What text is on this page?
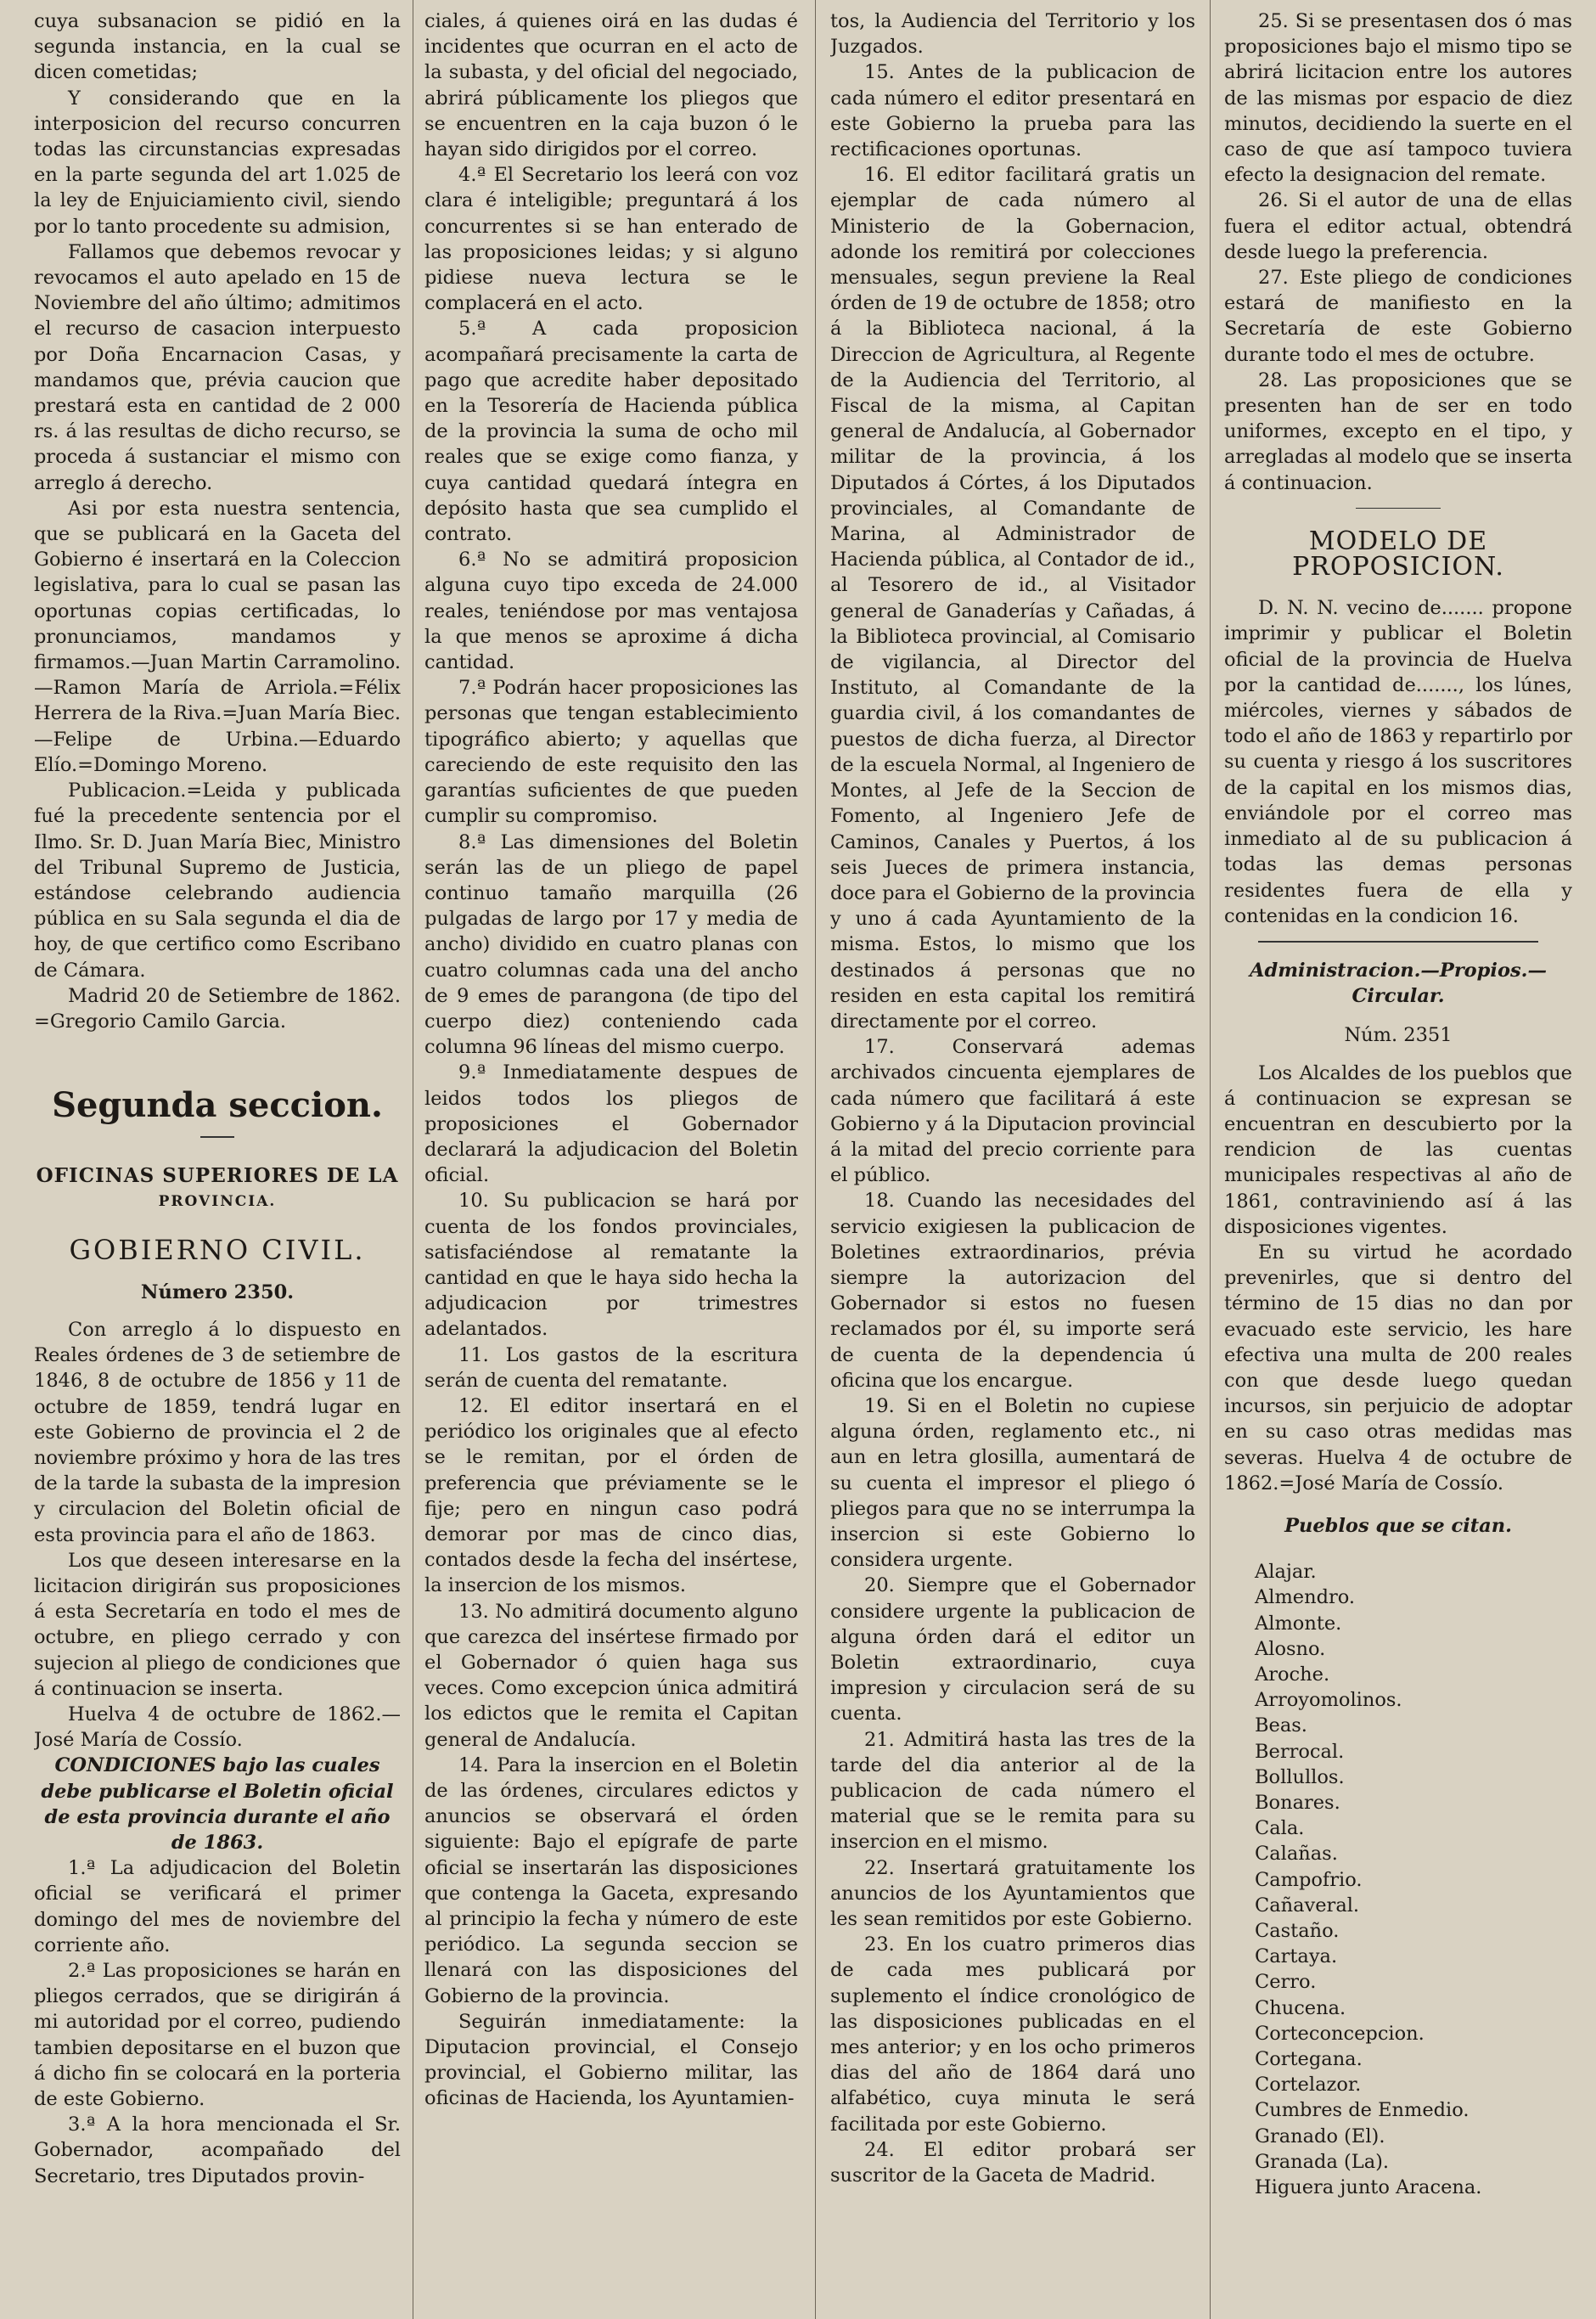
cuya subsanacion se pidió en la segunda instancia, en la cual se dicen cometidas;

Y considerando que en la interposicion del recurso concurren todas las circunstancias expresadas en la parte segunda del art 1.025 de la ley de Enjuiciamiento civil, siendo por lo tanto procedente su admision,

Fallamos que debemos revocar y revocamos el auto apelado en 15 de Noviembre del año último; admitimos el recurso de casacion interpuesto por Doña Encarnacion Casas, y mandamos que, prévia caucion que prestará esta en cantidad de 2 000 rs. á las resultas de dicho recurso, se proceda á sustanciar el mismo con arreglo á derecho.

Asi por esta nuestra sentencia, que se publicará en la Gaceta del Gobierno é insertará en la Coleccion legislativa, para lo cual se pasan las oportunas copias certificadas, lo pronunciamos, mandamos y firmamos.—Juan Martin Carramolino.—Ramon María de Arriola.=Félix Herrera de la Riva.=Juan María Biec.—Felipe de Urbina.—Eduardo Elío.=Domingo Moreno.

Publicacion.=Leida y publicada fué la precedente sentencia por el Ilmo. Sr. D. Juan María Biec, Ministro del Tribunal Supremo de Justicia, estándose celebrando audiencia pública en su Sala segunda el dia de hoy, de que certifico como Escribano de Cámara.

Madrid 20 de Setiembre de 1862. =Gregorio Camilo Garcia.

Segunda seccion.
OFICINAS SUPERIORES DE LA
PROVINCIA.
GOBIERNO CIVIL.
Número 2350.

Con arreglo á lo dispuesto en Reales órdenes de 3 de setiembre de 1846, 8 de octubre de 1856 y 11 de octubre de 1859, tendrá lugar en este Gobierno de provincia el 2 de noviembre próximo y hora de las tres de la tarde la subasta de la impresion y circulacion del Boletin oficial de esta provincia para el año de 1863.

Los que deseen interesarse en la licitacion dirigirán sus proposiciones á esta Secretaría en todo el mes de octubre, en pliego cerrado y con sujecion al pliego de condiciones que á continuacion se inserta.

Huelva 4 de octubre de 1862.— José María de Cossío.

CONDICIONES bajo las cuales debe publicarse el Boletin oficial de esta provincia durante el año de 1863.

1.ª La adjudicacion del Boletin oficial se verificará el primer domingo del mes de noviembre del corriente año.

2.ª Las proposiciones se harán en pliegos cerrados, que se dirigirán á mi autoridad por el correo, pudiendo tambien depositarse en el buzon que á dicho fin se colocará en la porteria de este Gobierno.

3.ª A la hora mencionada el Sr. Gobernador, acompañado del Secretario, tres Diputados provin-

ciales, á quienes oirá en las dudas é incidentes que ocurran en el acto de la subasta, y del oficial del negociado, abrirá públicamente los pliegos que se encuentren en la caja buzon ó le hayan sido dirigidos por el correo.

4.ª El Secretario los leerá con voz clara é inteligible; preguntará á los concurrentes si se han enterado de las proposiciones leidas; y si alguno pidiese nueva lectura se le complacerá en el acto.

5.ª A cada proposicion acompañará precisamente la carta de pago que acredite haber depositado en la Tesorería de Hacienda pública de la provincia la suma de ocho mil reales que se exige como fianza, y cuya cantidad quedará íntegra en depósito hasta que sea cumplido el contrato.

6.ª No se admitirá proposicion alguna cuyo tipo exceda de 24.000 reales, teniéndose por mas ventajosa la que menos se aproxime á dicha cantidad.

7.ª Podrán hacer proposiciones las personas que tengan establecimiento tipográfico abierto; y aquellas que careciendo de este requisito den las garantías suficientes de que pueden cumplir su compromiso.

8.ª Las dimensiones del Boletin serán las de un pliego de papel continuo tamaño marquilla (26 pulgadas de largo por 17 y media de ancho) dividido en cuatro planas con cuatro columnas cada una del ancho de 9 emes de parangona (de tipo del cuerpo diez) conteniendo cada columna 96 líneas del mismo cuerpo.

9.ª Inmediatamente despues de leidos todos los pliegos de proposiciones el Gobernador declarará la adjudicacion del Boletin oficial.

10. Su publicacion se hará por cuenta de los fondos provinciales, satisfaciéndose al rematante la cantidad en que le haya sido hecha la adjudicacion por trimestres adelantados.

11. Los gastos de la escritura serán de cuenta del rematante.

12. El editor insertará en el periódico los originales que al efecto se le remitan, por el órden de preferencia que préviamente se le fije; pero en ningun caso podrá demorar por mas de cinco dias, contados desde la fecha del insértese, la insercion de los mismos.

13. No admitirá documento alguno que carezca del insértese firmado por el Gobernador ó quien haga sus veces. Como excepcion única admitirá los edictos que le remita el Capitan general de Andalucía.

14. Para la insercion en el Boletin de las órdenes, circulares edictos y anuncios se observará el órden siguiente: Bajo el epígrafe de parte oficial se insertarán las disposiciones que contenga la Gaceta, expresando al principio la fecha y número de este periódico. La segunda seccion se llenará con las disposiciones del Gobierno de la provincia.

Seguirán inmediatamente: la Diputacion provincial, el Consejo provincial, el Gobierno militar, las oficinas de Hacienda, los Ayuntamien-

tos, la Audiencia del Territorio y los Juzgados.

15. Antes de la publicacion de cada número el editor presentará en este Gobierno la prueba para las rectificaciones oportunas.

16. El editor facilitará gratis un ejemplar de cada número al Ministerio de la Gobernacion, adonde los remitirá por colecciones mensuales, segun previene la Real órden de 19 de octubre de 1858; otro á la Biblioteca nacional, á la Direccion de Agricultura, al Regente de la Audiencia del Territorio, al Fiscal de la misma, al Capitan general de Andalucía, al Gobernador militar de la provincia, á los Diputados á Córtes, á los Diputados provinciales, al Comandante de Marina, al Administrador de Hacienda pública, al Contador de id., al Tesorero de id., al Visitador general de Ganaderías y Cañadas, á la Biblioteca provincial, al Comisario de vigilancia, al Director del Instituto, al Comandante de la guardia civil, á los comandantes de puestos de dicha fuerza, al Director de la escuela Normal, al Ingeniero de Montes, al Jefe de la Seccion de Fomento, al Ingeniero Jefe de Caminos, Canales y Puertos, á los seis Jueces de primera instancia, doce para el Gobierno de la provincia y uno á cada Ayuntamiento de la misma. Estos, lo mismo que los destinados á personas que no residen en esta capital los remitirá directamente por el correo.

17. Conservará ademas archivados cincuenta ejemplares de cada número que facilitará á este Gobierno y á la Diputacion provincial á la mitad del precio corriente para el público.

18. Cuando las necesidades del servicio exigiesen la publicacion de Boletines extraordinarios, prévia siempre la autorizacion del Gobernador si estos no fuesen reclamados por él, su importe será de cuenta de la dependencia ú oficina que los encargue.

19. Si en el Boletin no cupiese alguna órden, reglamento etc., ni aun en letra glosilla, aumentará de su cuenta el impresor el pliego ó pliegos para que no se interrumpa la insercion si este Gobierno lo considera urgente.

20. Siempre que el Gobernador considere urgente la publicacion de alguna órden dará el editor un Boletin extraordinario, cuya impresion y circulacion será de su cuenta.

21. Admitirá hasta las tres de la tarde del dia anterior al de la publicacion de cada número el material que se le remita para su insercion en el mismo.

22. Insertará gratuitamente los anuncios de los Ayuntamientos que les sean remitidos por este Gobierno.

23. En los cuatro primeros dias de cada mes publicará por suplemento el índice cronológico de las disposiciones publicadas en el mes anterior; y en los ocho primeros dias del año de 1864 dará uno alfabético, cuya minuta le será facilitada por este Gobierno.

24. El editor probará ser suscritor de la Gaceta de Madrid.

25. Si se presentasen dos ó mas proposiciones bajo el mismo tipo se abrirá licitacion entre los autores de las mismas por espacio de diez minutos, decidiendo la suerte en el caso de que así tampoco tuviera efecto la designacion del remate.

26. Si el autor de una de ellas fuera el editor actual, obtendrá desde luego la preferencia.

27. Este pliego de condiciones estará de manifiesto en la Secretaría de este Gobierno durante todo el mes de octubre.

28. Las proposiciones que se presenten han de ser en todo uniformes, excepto en el tipo, y arregladas al modelo que se inserta á continuacion.

MODELO DE PROPOSICION.

D. N. N. vecino de....... propone imprimir y publicar el Boletin oficial de la provincia de Huelva por la cantidad de......., los lúnes, miércoles, viernes y sábados de todo el año de 1863 y repartirlo por su cuenta y riesgo á los suscritores de la capital en los mismos dias, enviándole por el correo mas inmediato al de su publicacion á todas las demas personas residentes fuera de ella y contenidas en la condicion 16.

Administracion.—Propios.—Circular.

Núm. 2351

Los Alcaldes de los pueblos que á continuacion se expresan se encuentran en descubierto por la rendicion de las cuentas municipales respectivas al año de 1861, contraviniendo así á las disposiciones vigentes.

En su virtud he acordado prevenirles, que si dentro del término de 15 dias no dan por evacuado este servicio, les hare efectiva una multa de 200 reales con que desde luego quedan incursos, sin perjuicio de adoptar en su caso otras medidas mas severas. Huelva 4 de octubre de 1862.=José María de Cossío.

Pueblos que se citan.
Alajar.
Almendro.
Almonte.
Alosno.
Aroche.
Arroyomolinos.
Beas.
Berrocal.
Bollullos.
Bonares.
Cala.
Calañas.
Campofrio.
Cañaveral.
Castaño.
Cartaya.
Cerro.
Chucena.
Corteconcepcion.
Cortegana.
Cortelazor.
Cumbres de Enmedio.
Granado (El).
Granada (La).
Higuera junto Aracena.
